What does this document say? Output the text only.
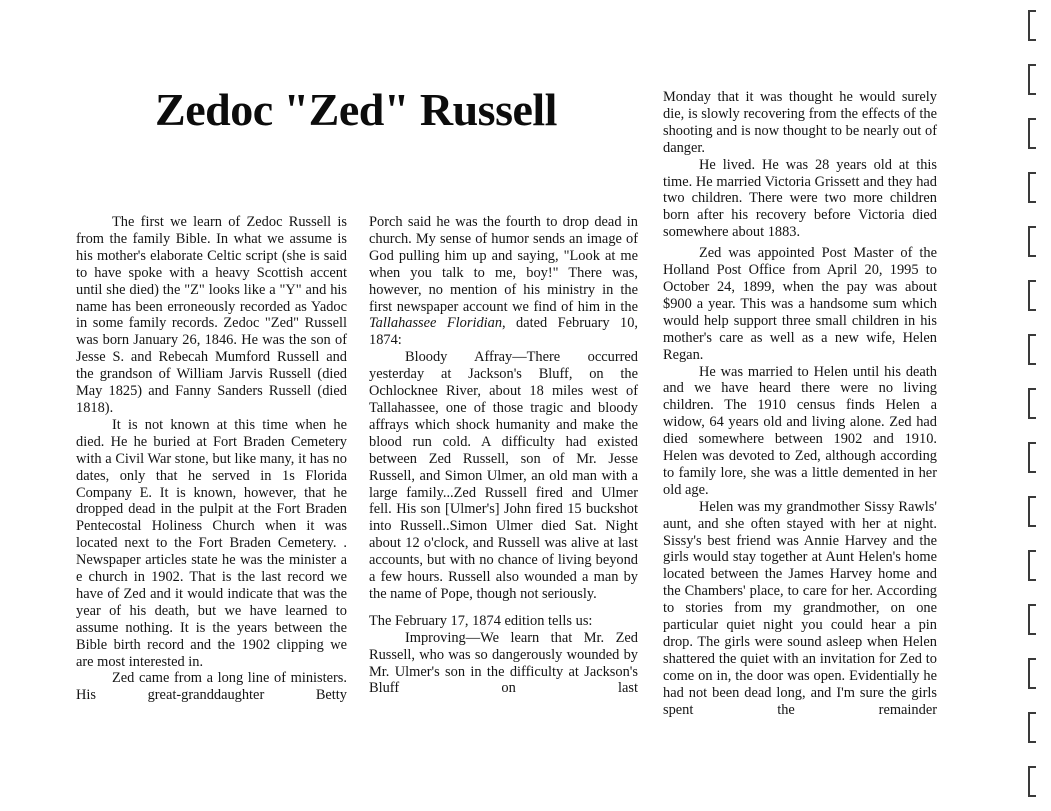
Zedoc "Zed" Russell

The first we learn of Zedoc Russell is from the family Bible. In what we assume is his mother's elaborate Celtic script (she is said to have spoke with a heavy Scottish accent until she died) the "Z" looks like a "Y" and his name has been erroneously recorded as Yadoc in some family records. Zedoc "Zed" Russell was born January 26, 1846. He was the son of Jesse S. and Rebecah Mumford Russell and the grandson of William Jarvis Russell (died May 1825) and Fanny Sanders Russell (died 1818).

It is not known at this time when he died. He he buried at Fort Braden Cemetery with a Civil War stone, but like many, it has no dates, only that he served in 1s Florida Company E. It is known, however, that he dropped dead in the pulpit at the Fort Braden Pentecostal Holiness Church when it was located next to the Fort Braden Cemetery. . Newspaper articles state he was the minister a e church in 1902. That is the last record we have of Zed and it would indicate that was the year of his death, but we have learned to assume nothing. It is the years between the Bible birth record and the 1902 clipping we are most interested in.

Zed came from a long line of ministers. His great-granddaughter Betty

Porch said he was the fourth to drop dead in church. My sense of humor sends an image of God pulling him up and saying, "Look at me when you talk to me, boy!" There was, however, no mention of his ministry in the first newspaper account we find of him in the Tallahassee Floridian, dated February 10, 1874:

Bloody Affray—There occurred yesterday at Jackson's Bluff, on the Ochlocknee River, about 18 miles west of Tallahassee, one of those tragic and bloody affrays which shock humanity and make the blood run cold. A difficulty had existed between Zed Russell, son of Mr. Jesse Russell, and Simon Ulmer, an old man with a large family...Zed Russell fired and Ulmer fell. His son [Ulmer's] John fired 15 buckshot into Russell..Simon Ulmer died Sat. Night about 12 o'clock, and Russell was alive at last accounts, but with no chance of living beyond a few hours. Russell also wounded a man by the name of Pope, though not seriously.

The February 17, 1874 edition tells us:

Improving—We learn that Mr. Zed Russell, who was so dangerously wounded by Mr. Ulmer's son in the difficulty at Jackson's Bluff on last

Monday that it was thought he would surely die, is slowly recovering from the effects of the shooting and is now thought to be nearly out of danger.

He lived. He was 28 years old at this time. He married Victoria Grissett and they had two children. There were two more children born after his recovery before Victoria died somewhere about 1883.

Zed was appointed Post Master of the Holland Post Office from April 20, 1995 to October 24, 1899, when the pay was about $900 a year. This was a handsome sum which would help support three small children in his mother's care as well as a new wife, Helen Regan.

He was married to Helen until his death and we have heard there were no living children. The 1910 census finds Helen a widow, 64 years old and living alone. Zed had died somewhere between 1902 and 1910. Helen was devoted to Zed, although according to family lore, she was a little demented in her old age.

Helen was my grandmother Sissy Rawls' aunt, and she often stayed with her at night. Sissy's best friend was Annie Harvey and the girls would stay together at Aunt Helen's home located between the James Harvey home and the Chambers' place, to care for her. According to stories from my grandmother, on one particular quiet night you could hear a pin drop. The girls were sound asleep when Helen shattered the quiet with an invitation for Zed to come on in, the door was open. Evidentially he had not been dead long, and I'm sure the girls spent the remainder
